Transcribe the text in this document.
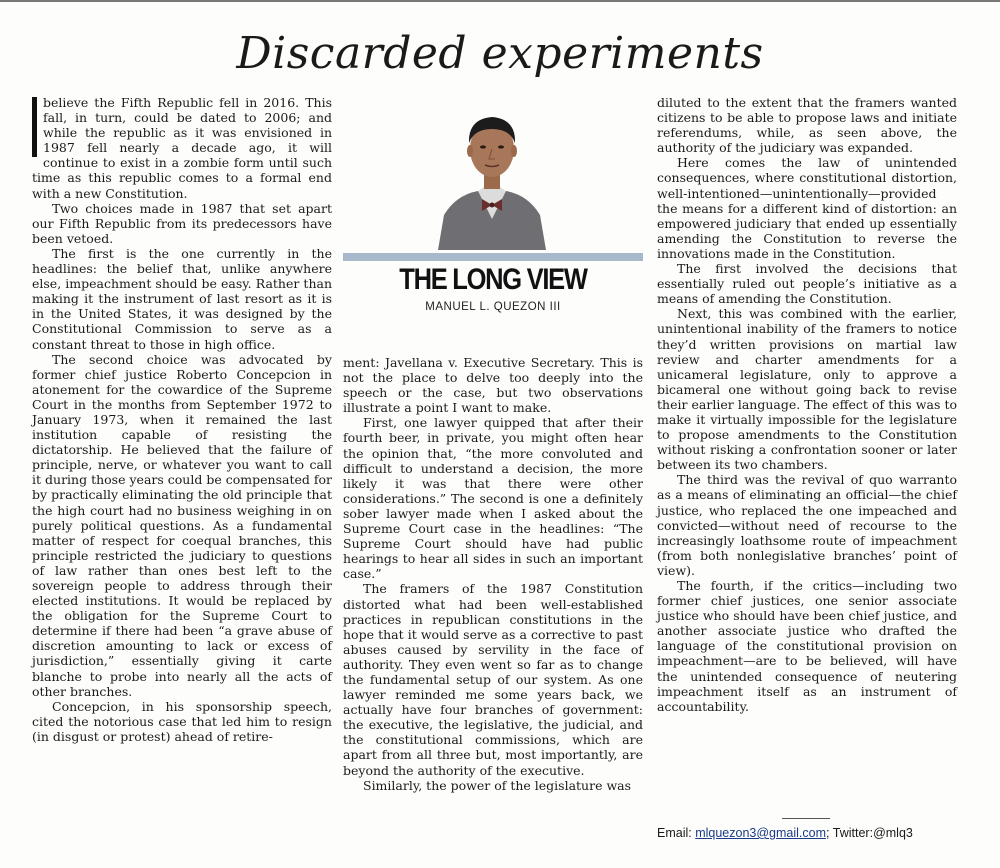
Discarded experiments

believe the Fifth Republic fell in 2016. This fall, in turn, could be dated to 2006; and while the republic as it was envisioned in 1987 fell nearly a decade ago, it will continue to exist in a zombie form until such time as this republic comes to a formal end with a new Constitution.

Two choices made in 1987 that set apart our Fifth Republic from its predecessors have been vetoed.

The first is the one currently in the headlines: the belief that, unlike anywhere else, impeachment should be easy. Rather than making it the instrument of last resort as it is in the United States, it was designed by the Constitutional Commission to serve as a constant threat to those in high office.

The second choice was advocated by former chief justice Roberto Concepcion in atonement for the cowardice of the Supreme Court in the months from September 1972 to January 1973, when it remained the last institution capable of resisting the dictatorship. He believed that the failure of principle, nerve, or whatever you want to call it during those years could be compensated for by practically eliminating the old principle that the high court had no business weighing in on purely political questions. As a fundamental matter of respect for coequal branches, this principle restricted the judiciary to questions of law rather than ones best left to the sovereign people to address through their elected institutions. It would be replaced by the obligation for the Supreme Court to determine if there had been “a grave abuse of discretion amounting to lack or excess of jurisdiction,” essentially giving it carte blanche to probe into nearly all the acts of other branches.

Concepcion, in his sponsorship speech, cited the notorious case that led him to resign (in disgust or protest) ahead of retire-

THE LONG VIEW
MANUEL L. QUEZON III

ment: Javellana v. Executive Secretary. This is not the place to delve too deeply into the speech or the case, but two observations illustrate a point I want to make.

First, one lawyer quipped that after their fourth beer, in private, you might often hear the opinion that, “the more convoluted and difficult to understand a decision, the more likely it was that there were other considerations.” The second is one a definitely sober lawyer made when I asked about the Supreme Court case in the headlines: “The Supreme Court should have had public hearings to hear all sides in such an important case.”

The framers of the 1987 Constitution distorted what had been well-established practices in republican constitutions in the hope that it would serve as a corrective to past abuses caused by servility in the face of authority. They even went so far as to change the fundamental setup of our system. As one lawyer reminded me some years back, we actually have four branches of government: the executive, the legislative, the judicial, and the constitutional commissions, which are apart from all three but, most importantly, are beyond the authority of the executive.

Similarly, the power of the legislature was

diluted to the extent that the framers wanted citizens to be able to propose laws and initiate referendums, while, as seen above, the authority of the judiciary was expanded.

Here comes the law of unintended consequences, where constitutional distortion, well-intentioned—unintentionally—provided the means for a different kind of distortion: an empowered judiciary that ended up essentially amending the Constitution to reverse the innovations made in the Constitution.

The first involved the decisions that essentially ruled out people’s initiative as a means of amending the Constitution.

Next, this was combined with the earlier, unintentional inability of the framers to notice they’d written provisions on martial law review and charter amendments for a unicameral legislature, only to approve a bicameral one without going back to revise their earlier language. The effect of this was to make it virtually impossible for the legislature to propose amendments to the Constitution without risking a confrontation sooner or later between its two chambers.

The third was the revival of quo warranto as a means of eliminating an official—the chief justice, who replaced the one impeached and convicted—without need of recourse to the increasingly loathsome route of impeachment (from both nonlegislative branches’ point of view).

The fourth, if the critics—including two former chief justices, one senior associate justice who should have been chief justice, and another associate justice who drafted the language of the constitutional provision on impeachment—are to be believed, will have the unintended consequence of neutering impeachment itself as an instrument of accountability.

Email: mlquezon3@gmail.com; Twitter:@mlq3
